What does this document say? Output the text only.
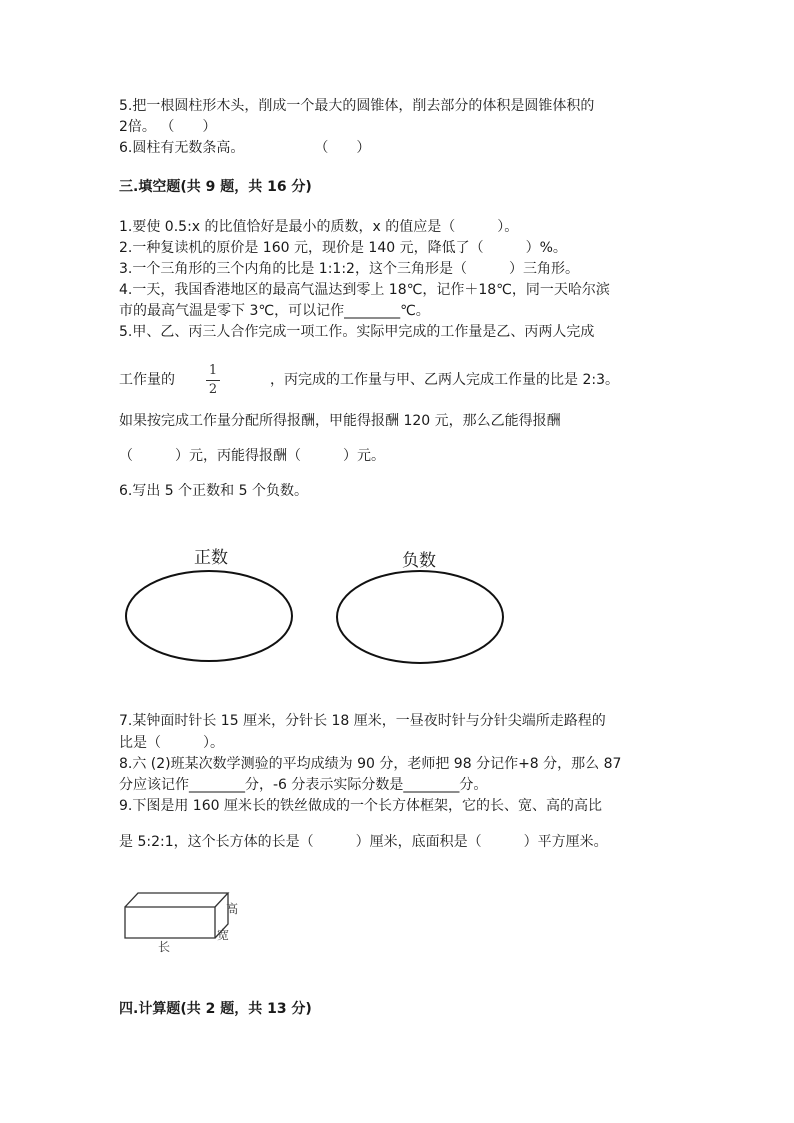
5.把一根圆柱形木头，削成一个最大的圆锥体，削去部分的体积是圆锥体积的

2倍。 （　　）

6.圆柱有无数条高。　　　　　　（　　）

三.填空题(共 9 题，共 16 分)

1.要使 0.5:x 的比值恰好是最小的质数，x 的值应是（　　　）。

2.一种复读机的原价是 160 元，现价是 140 元，降低了（　　　）%。

3.一个三角形的三个内角的比是 1:1:2，这个三角形是（　　　）三角形。

4.一天，我国香港地区的最高气温达到零上 18℃，记作＋18℃，同一天哈尔滨

市的最高气温是零下 3℃，可以记作________℃。

5.甲、乙、丙三人合作完成一项工作。实际甲完成的工作量是乙、丙两人完成

工作量的

1
2

，丙完成的工作量与甲、乙两人完成工作量的比是 2:3。

如果按完成工作量分配所得报酬，甲能得报酬 120 元，那么乙能得报酬

（　　　）元，丙能得报酬（　　　）元。

6.写出 5 个正数和 5 个负数。

正数	负数

7.某钟面时针长 15 厘米，分针长 18 厘米，一昼夜时针与分针尖端所走路程的

比是（　　　）。

8.六 (2)班某次数学测验的平均成绩为 90 分，老师把 98 分记作+8 分，那么 87

分应该记作________分，-6 分表示实际分数是________分。

9.下图是用 160 厘米长的铁丝做成的一个长方体框架，它的长、宽、高的高比

是 5:2:1，这个长方体的长是（　　　）厘米，底面积是（　　　）平方厘米。

高
宽
长

四.计算题(共 2 题，共 13 分)
